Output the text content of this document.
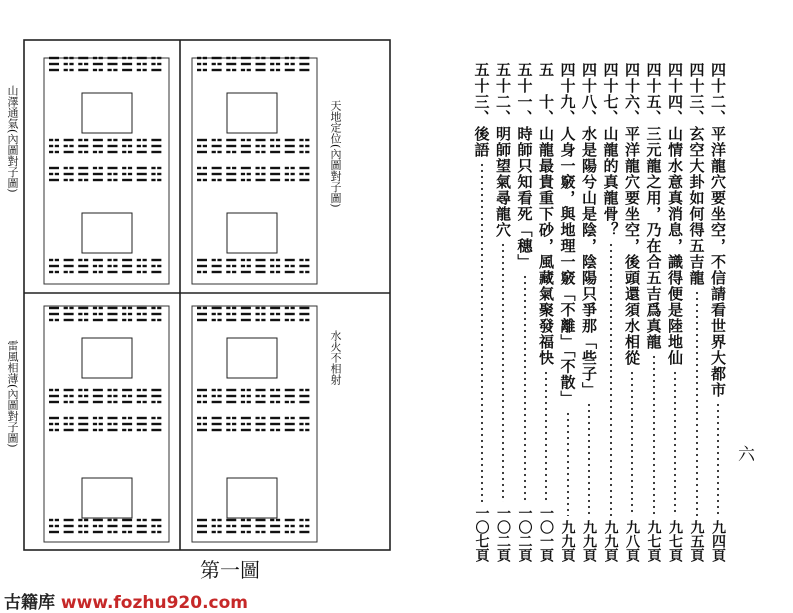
山澤通氣(內圖對子圖)
雷風相薄(內圖對子圖)
天地定位(內圖對子圖)
水火不相射
第一圖
四十二、平洋龍穴要坐空，不信請看世界大都市
九四頁
四十三、玄空大卦如何得五吉龍
九五頁
四十四、山情水意真消息，識得便是陸地仙
九七頁
四十五、三元龍之用，乃在合五吉爲真龍
九七頁
四十六、平洋龍穴要坐空，後頭還須水相從
九八頁
四十七、山龍的真龍骨？
九九頁
四十八、水是陽兮山是陰，陰陽只爭那「些子」
九九頁
四十九、人身一竅，與地理一竅「不離」「不散」
九九頁
五　十、山龍最貴重下砂，風藏氣聚發福快
一〇一頁
五十一、時師只知看死「穗」
一〇二頁
五十二、明師望氣尋龍穴
一〇二頁
五十三、後語
一〇七頁
六
古籍库 www.fozhu920.com
